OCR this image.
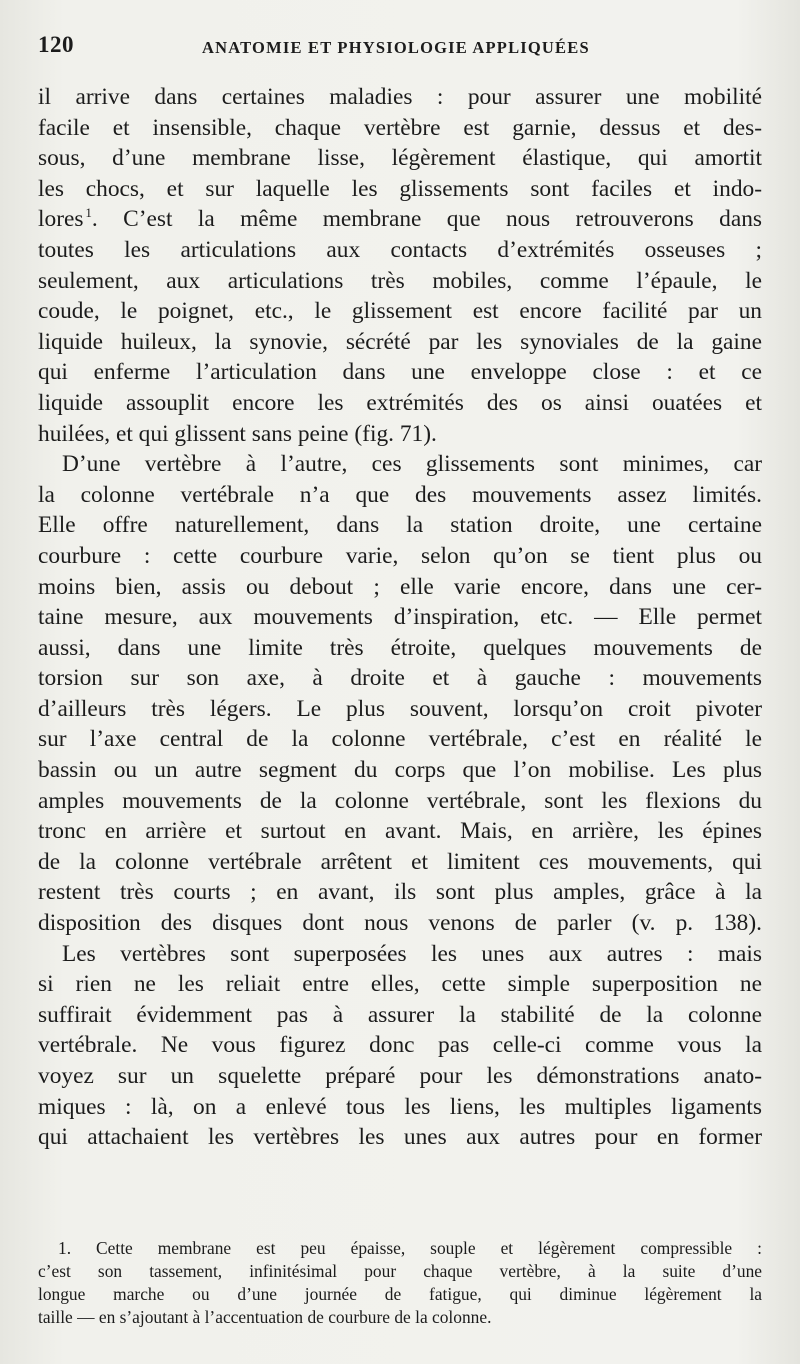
120	ANATOMIE ET PHYSIOLOGIE APPLIQUÉES
il arrive dans certaines maladies : pour assurer une mobilité
facile et insensible, chaque vertèbre est garnie, dessus et des-
sous, d’une membrane lisse, légèrement élastique, qui amortit
les chocs, et sur laquelle les glissements sont faciles et indo-
lores  $^1$. C’est la même membrane que nous retrouverons dans
toutes les articulations aux contacts d’extrémités osseuses ;
seulement, aux articulations très mobiles, comme l’épaule, le
coude, le poignet, etc., le glissement est encore facilité par un
liquide huileux, la synovie, sécrété par les synoviales de la gaine
qui enferme l’articulation dans une enveloppe close : et ce
liquide assouplit encore les extrémités des os ainsi ouatées et
huilées, et qui glissent sans peine (fig. 71).
D’une vertèbre à l’autre, ces glissements sont minimes, car
la colonne vertébrale n’a que des mouvements assez limités.
Elle offre naturellement, dans la station droite, une certaine
courbure : cette courbure varie, selon qu’on se tient plus ou
moins bien, assis ou debout ; elle varie encore, dans une cer-
taine mesure, aux mouvements d’inspiration, etc. — Elle permet
aussi, dans une limite très étroite, quelques mouvements de
torsion sur son axe, à droite et à gauche : mouvements
d’ailleurs très légers. Le plus souvent, lorsqu’on croit pivoter
sur l’axe central de la colonne vertébrale, c’est en réalité le
bassin ou un autre segment du corps que l’on mobilise. Les plus
amples mouvements de la colonne vertébrale, sont les flexions du
tronc en arrière et surtout en avant. Mais, en arrière, les épines
de la colonne vertébrale arrêtent et limitent ces mouvements, qui
restent très courts ; en avant, ils sont plus amples, grâce à la
disposition des disques dont nous venons de parler (v. p. 138).
Les vertèbres sont superposées les unes aux autres : mais
si rien ne les reliait entre elles, cette simple superposition ne
suffirait évidemment pas à assurer la stabilité de la colonne
vertébrale. Ne vous figurez donc pas celle-ci comme vous la
voyez sur un squelette préparé pour les démonstrations anato-
miques : là, on a enlevé tous les liens, les multiples ligaments
qui attachaient les vertèbres les unes aux autres pour en former
1. Cette membrane est peu épaisse, souple et légèrement compressible :
c’est son tassement, infinitésimal pour chaque vertèbre, à la suite d’une
longue marche ou d’une journée de fatigue, qui diminue légèrement la
taille — en s’ajoutant à l’accentuation de courbure de la colonne.
